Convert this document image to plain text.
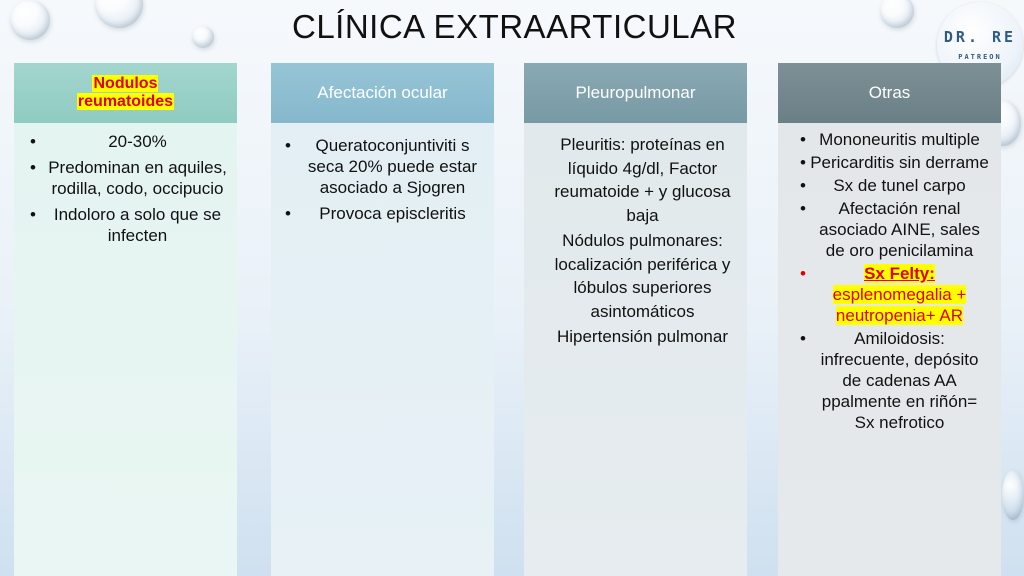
CLÍNICA EXTRAARTICULAR	DR. RE
PATREON
Nodulos
reumatoides
• 20-30%
• Predominan en aquiles, rodilla, codo, occipucio
• Indoloro a solo que se infecten
Afectación ocular
• Queratoconjuntiviti s seca 20% puede estar asociado a Sjogren
• Provoca episcleritis
Pleuropulmonar

Pleuritis: proteínas en líquido 4g/dl, Factor reumatoide + y glucosa baja

Nódulos pulmonares: localización periférica y lóbulos superiores asintomáticos

Hipertensión pulmonar

Otras
• Mononeuritis multiple
• Pericarditis sin derrame
• Sx de tunel carpo
• Afectación renal asociado AINE, sales de oro penicilamina
• Sx Felty:
esplenomegalia + neutropenia+ AR
• Amiloidosis: infrecuente, depósito de cadenas AA ppalmente en riñón= Sx nefrotico
